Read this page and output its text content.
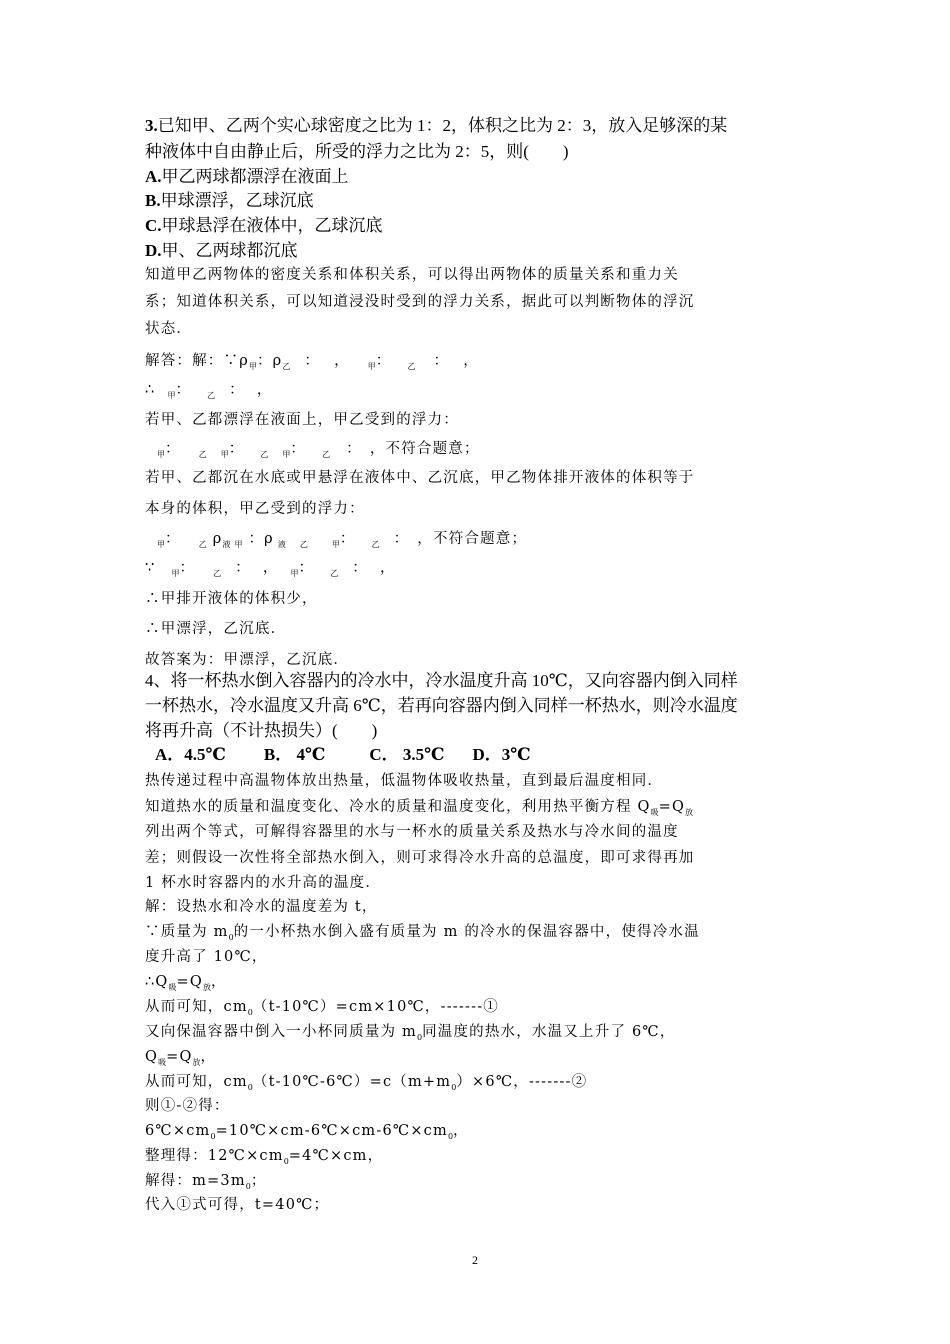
3.已知甲、乙两个实心球密度之比为 1：2，体积之比为 2：3，放入足够深的某
种液体中自由静止后，所受的浮力之比为 2：5，则(　　)
A.甲乙两球都漂浮在液面上
B.甲球漂浮，乙球沉底
C.甲球悬浮在液体中，乙球沉底
D.甲、乙两球都沉底
知道甲乙两物体的密度关系和体积关系，可以得出两物体的质量关系和重力关
系；知道体积关系，可以知道浸没时受到的浮力关系，据此可以判断物体的浮沉
状态．
解答：解：$\because\rho_甲$：$\rho_乙$ ： ， $_甲$： $_乙$ ： ，
∴ $_甲$： $_乙$ ： ，
若甲、乙都漂浮在液面上，甲乙受到的浮力：
$_甲$： $_乙$ $_甲$： $_乙$ $_甲$： $_乙$ ： ，不符合题意；
若甲、乙都沉在水底或甲悬浮在液体中、乙沉底，甲乙物体排开液体的体积等于
本身的体积，甲乙受到的浮力：
$_甲$： $_乙$ $\rho_液$ $_甲$ ：ρ $_液$ $_乙$	$_甲$： $_乙$ ： ，不符合题意；
∵ $_甲$： $_乙$ ： ， $_甲$： $_乙$ ： ，
∴甲排开液体的体积少，
∴甲漂浮，乙沉底．
故答案为：甲漂浮，乙沉底．
4、将一杯热水倒入容器内的冷水中，冷水温度升高 10℃，又向容器内倒入同样
一杯热水，冷水温度又升高 6℃，若再向容器内倒入同样一杯热水，则冷水温度
将再升高（不计热损失）(　　)
A．4.5℃ B． 4℃	C． 3.5℃ D．3℃
热传递过程中高温物体放出热量，低温物体吸收热量，直到最后温度相同．
知道热水的质量和温度变化、冷水的质量和温度变化，利用热平衡方程 $Q_吸=Q_放$
列出两个等式，可解得容器里的水与一杯水的质量关系及热水与冷水间的温度
差；则假设一次性将全部热水倒入，则可求得冷水升高的总温度，即可求得再加
1 杯水时容器内的水升高的温度．
解：设热水和冷水的温度差为 t，
∵质量为 $m_0$的一小杯热水倒入盛有质量为 m 的冷水的保温容器中，使得冷水温
度升高了 10℃，
$\therefore Q_吸=Q_放$，
从而可知，$cm_0(t-10℃)=cm\times 10℃$，-------①
又向保温容器中倒入一小杯同质量为 $m_0$同温度的热水，水温又上升了 6℃，
$Q_吸=Q_放$，
从而可知，$cm_0(t-10℃-6℃)=c(m+m_0)\times 6℃$，-------②
则①-②得：
$6℃\times cm_0=10℃\times cm-6℃\times cm-6℃\times cm_0$，
整理得：$12℃\times cm_0=4℃\times cm$，
解得：$m=3m_0$；
代入①式可得，t=40℃；
2
